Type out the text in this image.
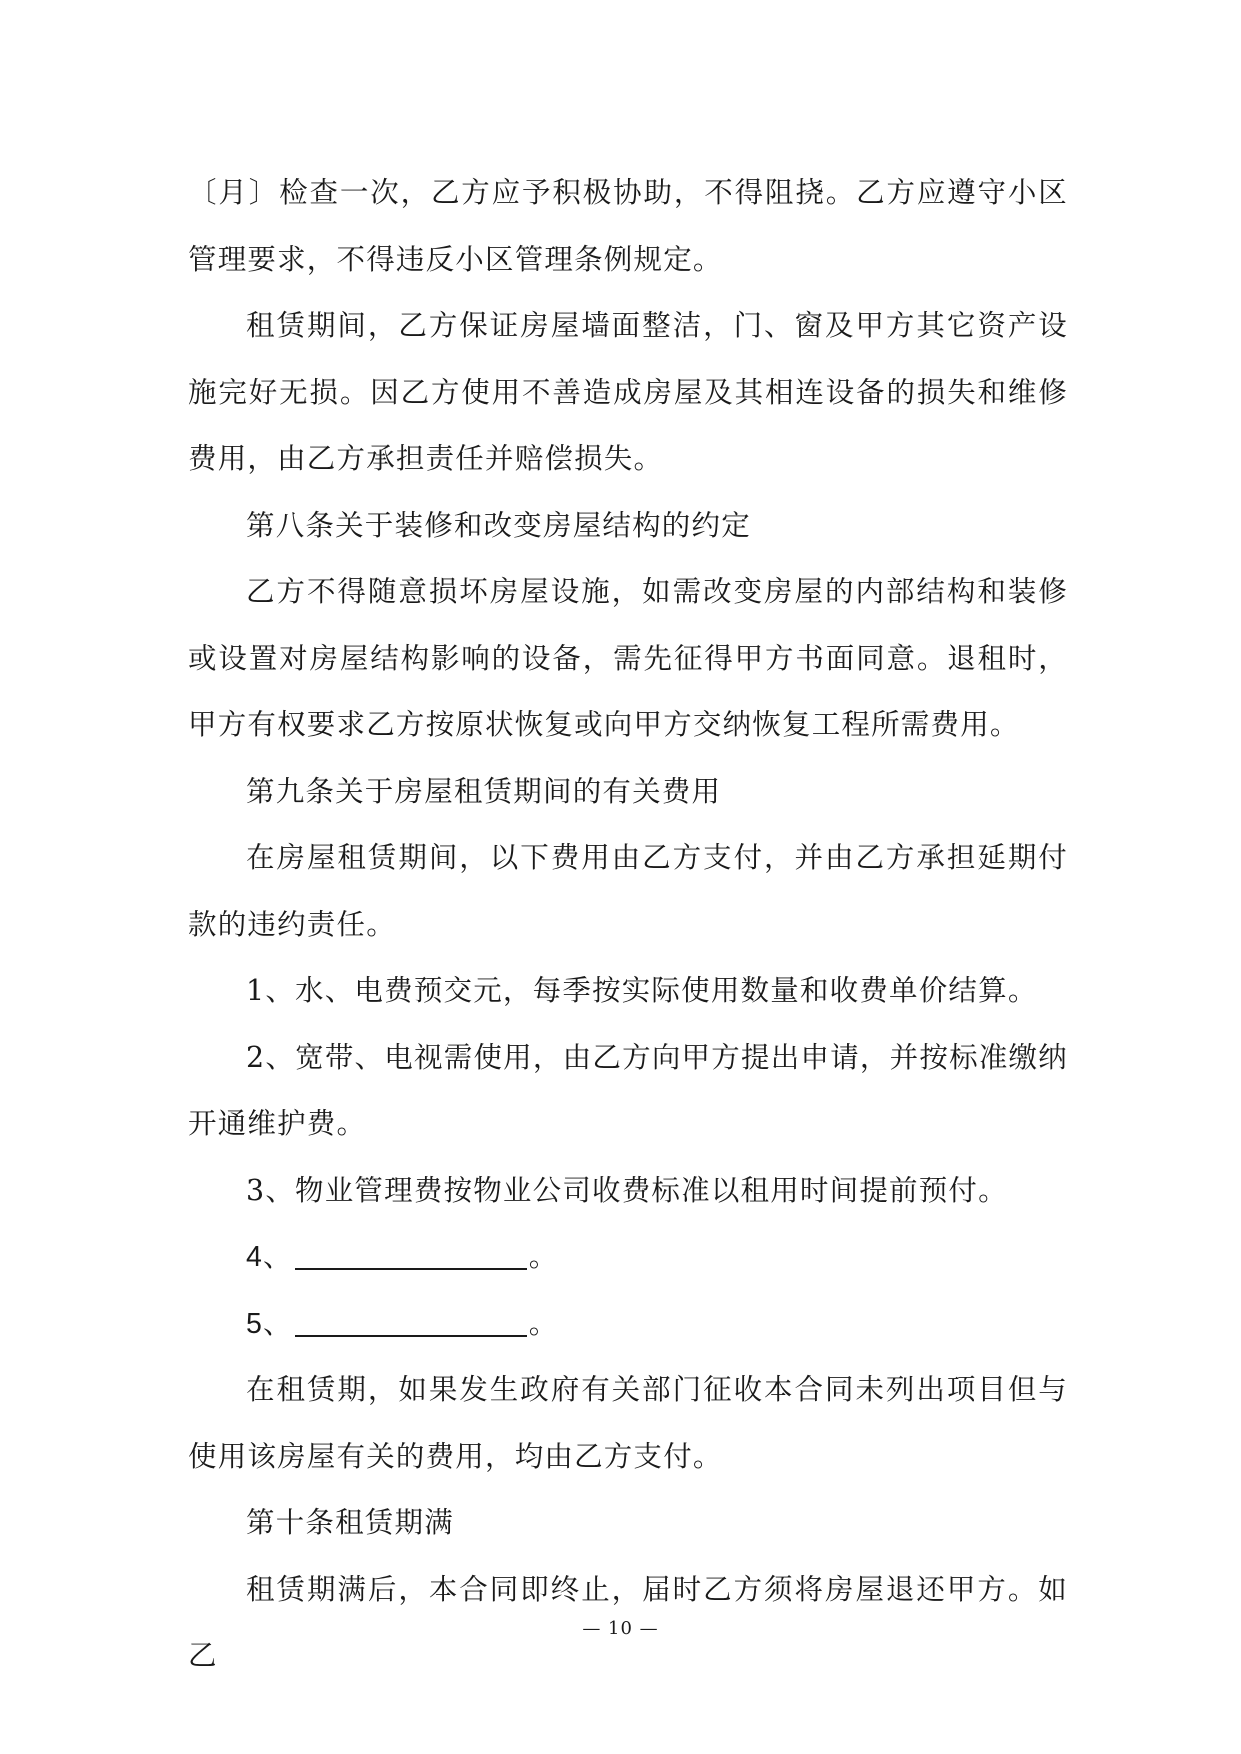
〔月〕检查一次，乙方应予积极协助，不得阻挠。乙方应遵守小区管理要求，不得违反小区管理条例规定。

租赁期间，乙方保证房屋墙面整洁，门、窗及甲方其它资产设施完好无损。因乙方使用不善造成房屋及其相连设备的损失和维修费用，由乙方承担责任并赔偿损失。

第八条关于装修和改变房屋结构的约定

乙方不得随意损坏房屋设施，如需改变房屋的内部结构和装修或设置对房屋结构影响的设备，需先征得甲方书面同意。退租时，甲方有权要求乙方按原状恢复或向甲方交纳恢复工程所需费用。

第九条关于房屋租赁期间的有关费用

在房屋租赁期间，以下费用由乙方支付，并由乙方承担延期付款的违约责任。

1、水、电费预交元，每季按实际使用数量和收费单价结算。

2、宽带、电视需使用，由乙方向甲方提出申请，并按标准缴纳开通维护费。

3、物业管理费按物业公司收费标准以租用时间提前预付。

4、	。

5、	。

在租赁期，如果发生政府有关部门征收本合同未列出项目但与使用该房屋有关的费用，均由乙方支付。

第十条租赁期满

租赁期满后，本合同即终止，届时乙方须将房屋退还甲方。如乙

— 10 —
